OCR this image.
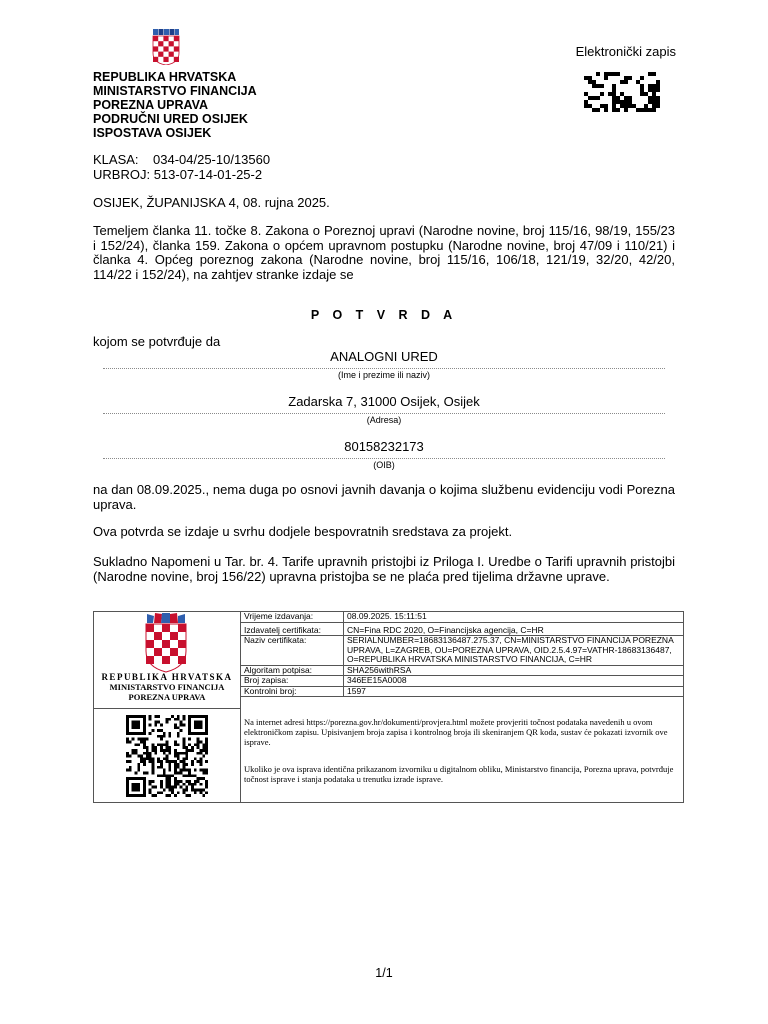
Elektronički zapis
REPUBLIKA HRVATSKA
MINISTARSTVO FINANCIJA
POREZNA UPRAVA
PODRUČNI URED OSIJEK
ISPOSTAVA OSIJEK
KLASA: 034-04/25-10/13560
URBROJ: 513-07-14-01-25-2
OSIJEK, ŽUPANIJSKA 4, 08. rujna 2025.
Temeljem članka 11. točke 8. Zakona o Poreznoj upravi (Narodne novine, broj 115/16, 98/19, 155/23 i 152/24), članka 159. Zakona o općem upravnom postupku (Narodne novine, broj 47/09 i 110/21) i članka 4. Općeg poreznog zakona (Narodne novine, broj 115/16, 106/18, 121/19, 32/20, 42/20, 114/22 i 152/24), na zahtjev stranke izdaje se
P O T V R D A
kojom se potvrđuje da
ANALOGNI URED
(Ime i prezime ili naziv)
Zadarska 7, 31000 Osijek, Osijek
(Adresa)
80158232173
(OIB)
na dan 08.09.2025., nema duga po osnovi javnih davanja o kojima službenu evidenciju vodi Porezna uprava.
Ova potvrda se izdaje u svrhu dodjele bespovratnih sredstava za projekt.
Sukladno Napomeni u Tar. br. 4. Tarife upravnih pristojbi iz Priloga I. Uredbe o Tarifi upravnih pristojbi (Narodne novine, broj 156/22) upravna pristojba se ne plaća pred tijelima državne uprave.
REPUBLIKA HRVATSKA
MINISTARSTVO FINANCIJA
POREZNA UPRAVA
Vrijeme izdavanja:	08.09.2025. 15:11:51
Izdavatelj certifikata:	CN=Fina RDC 2020, O=Financijska agencija, C=HR
Naziv certifikata:	SERIALNUMBER=18683136487.275.37, CN=MINISTARSTVO FINANCIJA POREZNA UPRAVA, L=ZAGREB, OU=POREZNA UPRAVA, OID.2.5.4.97=VATHR-18683136487, O=REPUBLIKA HRVATSKA MINISTARSTVO FINANCIJA, C=HR
Algoritam potpisa:	SHA256withRSA
Broj zapisa:	346EE15A0008
Kontrolni broj:	1597
Na internet adresi https://porezna.gov.hr/dokumenti/provjera.html možete provjeriti točnost podataka navedenih u ovom elektroničkom zapisu. Upisivanjem broja zapisa i kontrolnog broja ili skeniranjem QR koda, sustav će pokazati izvornik ove isprave.
Ukoliko je ova isprava identična prikazanom izvorniku u digitalnom obliku, Ministarstvo financija, Porezna uprava, potvrđuje točnost isprave i stanja podataka u trenutku izrade isprave.
1/1
